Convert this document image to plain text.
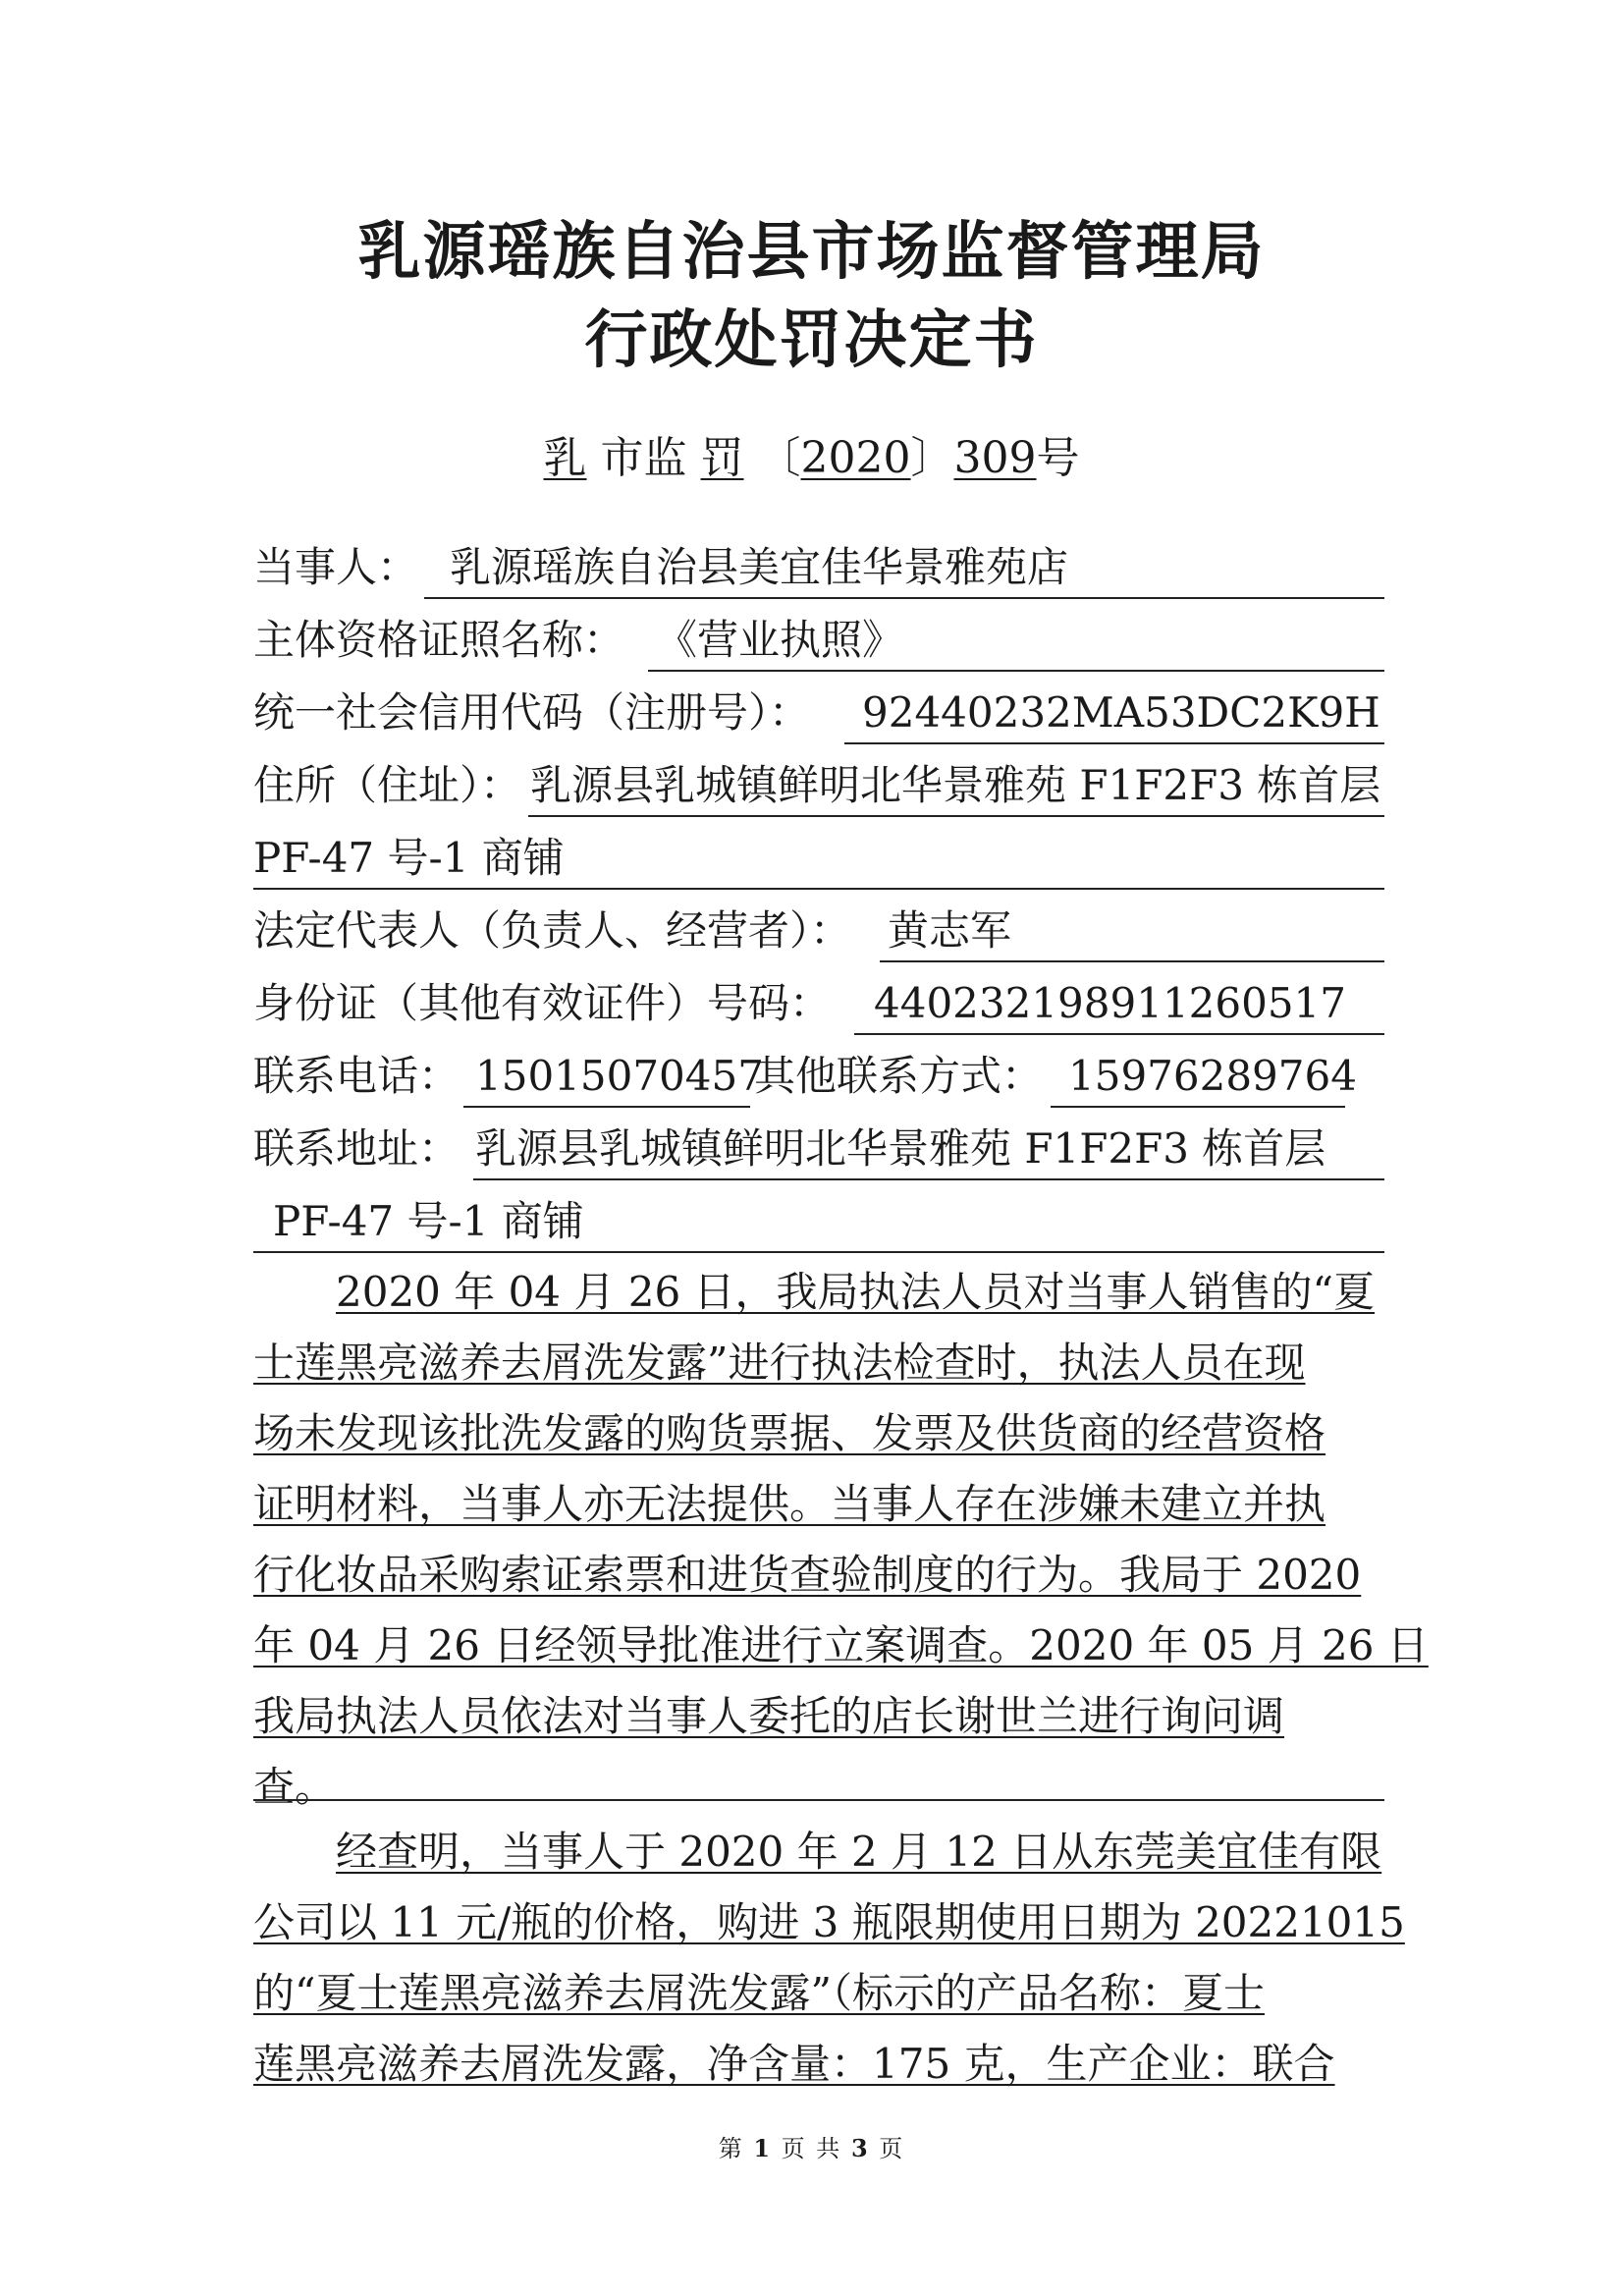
乳源瑶族自治县市场监督管理局
行政处罚决定书
乳 市监 罚 〔2020〕309号
当事人： 乳源瑶族自治县美宜佳华景雅苑店
主体资格证照名称： 《营业执照》
统一社会信用代码（注册号）： 92440232MA53DC2K9H
住所（住址）： 乳源县乳城镇鲜明北华景雅苑 F1F2F3 栋首层
PF-47 号-1 商铺
法定代表人（负责人、经营者）： 黄志军
身份证（其他有效证件）号码： 440232198911260517
联系电话： 15015070457
其他联系方式： 15976289764
联系地址： 乳源县乳城镇鲜明北华景雅苑 F1F2F3 栋首层
PF-47 号-1 商铺
2020 年 04 月 26 日，我局执法人员对当事人销售的“夏
士莲黑亮滋养去屑洗发露”进行执法检查时，执法人员在现
场未发现该批洗发露的购货票据、发票及供货商的经营资格
证明材料，当事人亦无法提供。当事人存在涉嫌未建立并执
行化妆品采购索证索票和进货查验制度的行为。我局于 2020
年 04 月 26 日经领导批准进行立案调查。2020 年 05 月 26 日
我局执法人员依法对当事人委托的店长谢世兰进行询问调
查。
经查明，当事人于 2020 年 2 月 12 日从东莞美宜佳有限
公司以 11 元/瓶的价格，购进 3 瓶限期使用日期为 20221015
的“夏士莲黑亮滋养去屑洗发露”（标示的产品名称：夏士
莲黑亮滋养去屑洗发露，净含量：175 克，生产企业：联合
第 1 页 共 3 页
